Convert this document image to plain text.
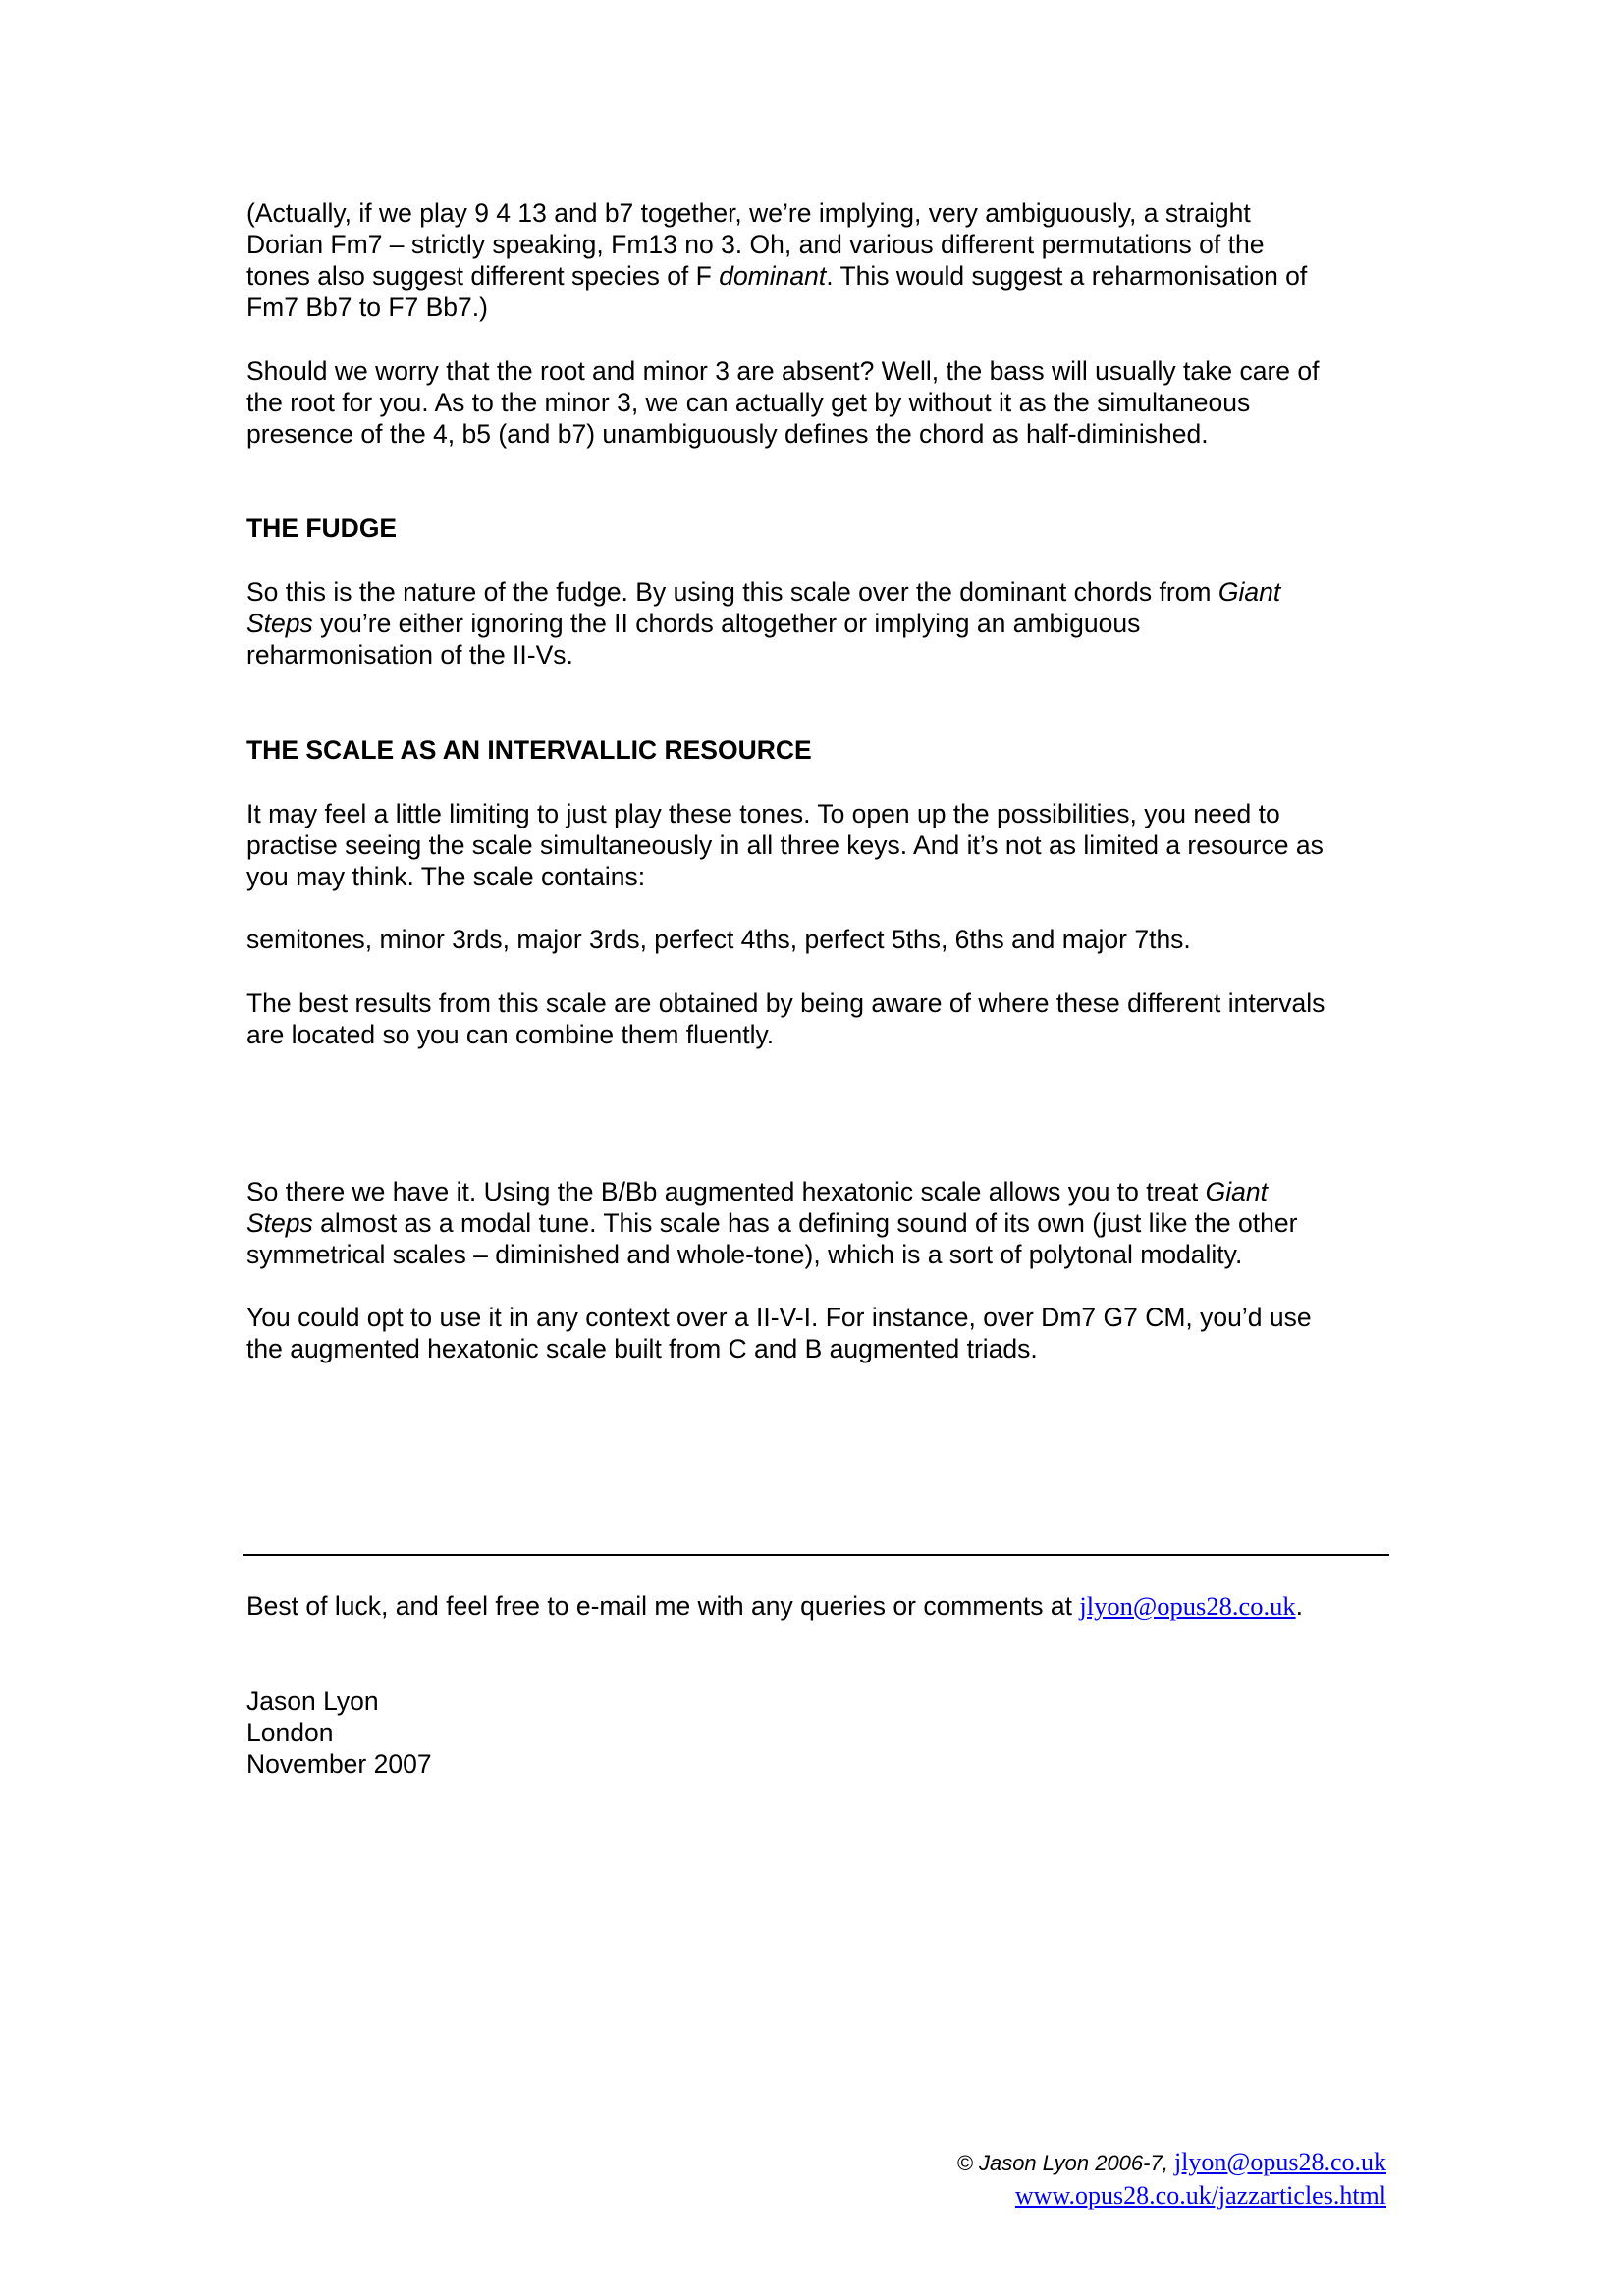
(Actually, if we play 9 4 13 and b7 together, we’re implying, very ambiguously, a straight
Dorian Fm7 – strictly speaking, Fm13 no 3. Oh, and various different permutations of the
tones also suggest different species of F dominant. This would suggest a reharmonisation of
Fm7 Bb7 to F7 Bb7.)
Should we worry that the root and minor 3 are absent? Well, the bass will usually take care of
the root for you. As to the minor 3, we can actually get by without it as the simultaneous
presence of the 4, b5 (and b7) unambiguously defines the chord as half-diminished.
THE FUDGE
So this is the nature of the fudge. By using this scale over the dominant chords from Giant
Steps you’re either ignoring the II chords altogether or implying an ambiguous
reharmonisation of the II-Vs.
THE SCALE AS AN INTERVALLIC RESOURCE
It may feel a little limiting to just play these tones. To open up the possibilities, you need to
practise seeing the scale simultaneously in all three keys. And it’s not as limited a resource as
you may think. The scale contains:
semitones, minor 3rds, major 3rds, perfect 4ths, perfect 5ths, 6ths and major 7ths.
The best results from this scale are obtained by being aware of where these different intervals
are located so you can combine them fluently.
So there we have it. Using the B/Bb augmented hexatonic scale allows you to treat Giant
Steps almost as a modal tune. This scale has a defining sound of its own (just like the other
symmetrical scales – diminished and whole-tone), which is a sort of polytonal modality.
You could opt to use it in any context over a II-V-I. For instance, over Dm7 G7 CM, you’d use
the augmented hexatonic scale built from C and B augmented triads.
Best of luck, and feel free to e-mail me with any queries or comments at jlyon@opus28.co.uk.
Jason Lyon
London
November 2007
© Jason Lyon 2006-7, jlyon@opus28.co.uk
www.opus28.co.uk/jazzarticles.html
